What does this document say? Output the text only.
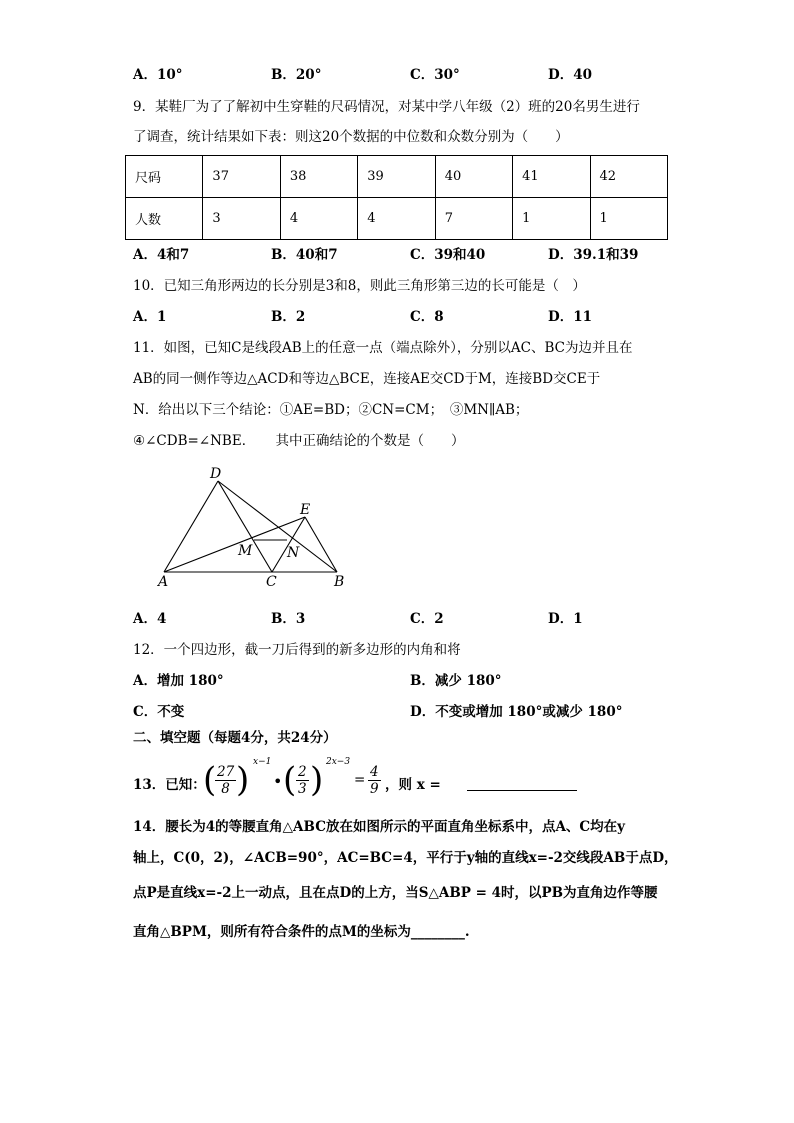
A．10°	B．20°	C．30°	D．40
9．某鞋厂为了了解初中生穿鞋的尺码情况，对某中学八年级（2）班的20名男生进行
了调查，统计结果如下表：则这20个数据的中位数和众数分别为（　　）
尺码	37	38	39	40	41	42
人数	3	4	4	7	1	1
A．4和7	B．40和7	C．39和40	D．39.1和39
10．已知三角形两边的长分别是3和8，则此三角形第三边的长可能是（　）
A．1	B．2	C．8	D．11
11．如图，已知C是线段AB上的任意一点（端点除外），分别以AC、BC为边并且在
AB的同一侧作等边△ACD和等边△BCE，连接AE交CD于M，连接BD交CE于
N．给出以下三个结论：①AE=BD；②CN=CM；　③MN∥AB；
④∠CDB=∠NBE．　　其中正确结论的个数是（　　）
D
E
M N
A	C	B
A．4	B．3	C．2	D．1
12．一个四边形，截一刀后得到的新多边形的内角和将
A．增加 180°	B．减少 180°
C．不变	D．不变或增加 180°或减少 180°
二、填空题（每题4分，共24分）
13．已知：
(
$\frac{27}{8}$ ) x−1
• ( $\frac{2}{3}$ ) 2x−3
= $\frac{4}{9}$ ，则 x =
14．腰长为4的等腰直角△ABC放在如图所示的平面直角坐标系中，点A、C均在y
轴上，C(0，2)，∠ACB=90°，AC=BC=4，平行于y轴的直线x=-2交线段AB于点D，
点P是直线x=-2上一动点，且在点D的上方，当S△ABP = 4时，以PB为直角边作等腰
直角△BPM，则所有符合条件的点M的坐标为________.
